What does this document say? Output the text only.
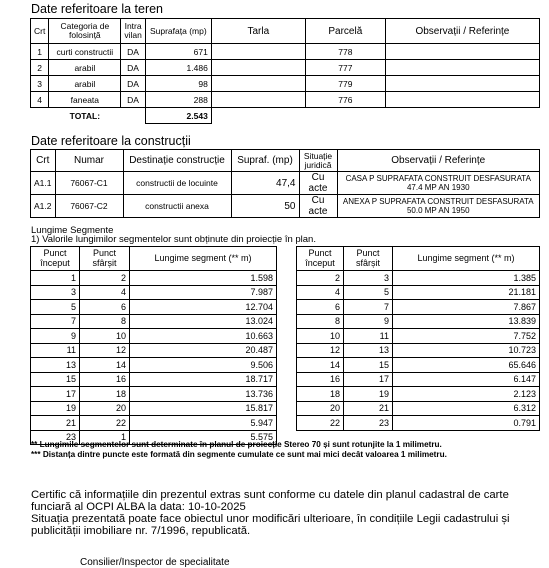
Date referitoare la teren
Crt	Categoria de folosință	Intra vilan	Suprafața (mp)	Tarla	Parcelă	Observații / Referințe
1	curti constructii	DA	671		778	
2	arabil	DA	1.486		777	
3	arabil	DA	98		779	
4	faneata	DA	288		776	
	TOTAL:		2.543			
Date referitoare la construcții
Crt	Numar	Destinație construcție	Supraf. (mp)	Situație juridică	Observații / Referințe
A1.1	76067-C1	constructii de locuinte	47,4	Cu acte	CASA P SUPRAFATA CONSTRUIT DESFASURATA 47.4 MP AN 1930
A1.2	76067-C2	constructii anexa	50	Cu acte	ANEXA P SUPRAFATA CONSTRUIT DESFASURATA 50.0 MP AN 1950
Lungime Segmente
1) Valorile lungimilor segmentelor sunt obținute din proiecție în plan.
Punct început	Punct sfârșit	Lungime segment (** m)
1	2	1.598
3	4	7.987
5	6	12.704
7	8	13.024
9	10	10.663
11	12	20.487
13	14	9.506
15	16	18.717
17	18	13.736
19	20	15.817
21	22	5.947
23	1	5.575
Punct început	Punct sfârșit	Lungime segment (** m)
2	3	1.385
4	5	21.181
6	7	7.867
8	9	13.839
10	11	7.752
12	13	10.723
14	15	65.646
16	17	6.147
18	19	2.123
20	21	6.312
22	23	0.791
** Lungimile segmentelor sunt determinate în planul de proiecție Stereo 70 și sunt rotunjite la 1 milimetru.
*** Distanța dintre puncte este formată din segmente cumulate ce sunt mai mici decât valoarea 1 milimetru.
Certific că informațiile din prezentul extras sunt conforme cu datele din planul cadastral de carte funciară al OCPI ALBA la data: 10-10-2025
Situația prezentată poate face obiectul unor modificări ulterioare, în condițiile Legii cadastrului și publicității imobiliare nr. 7/1996, republicată.
Consilier/Inspector de specialitate
